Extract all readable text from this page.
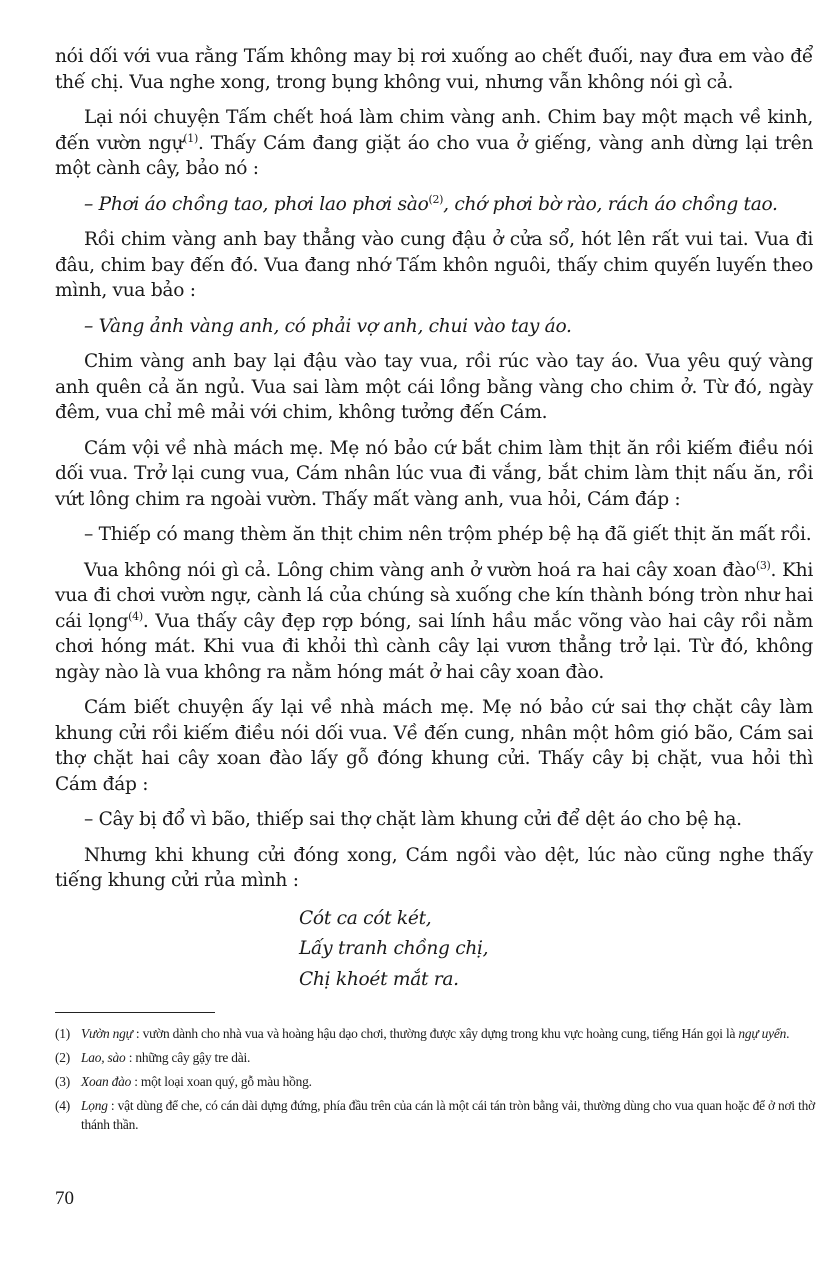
nói dối với vua rằng Tấm không may bị rơi xuống ao chết đuối, nay đưa em vào để thế chị. Vua nghe xong, trong bụng không vui, nhưng vẫn không nói gì cả.

Lại nói chuyện Tấm chết hoá làm chim vàng anh. Chim bay một mạch về kinh, đến vườn ngự$^{(1)}$. Thấy Cám đang giặt áo cho vua ở giếng, vàng anh dừng lại trên một cành cây, bảo nó :

– Phơi áo chồng tao, phơi lao phơi sào$^{(2)}$, chớ phơi bờ rào, rách áo chồng tao.

Rồi chim vàng anh bay thẳng vào cung đậu ở cửa sổ, hót lên rất vui tai. Vua đi đâu, chim bay đến đó. Vua đang nhớ Tấm khôn nguôi, thấy chim quyến luyến theo mình, vua bảo :

– Vàng ảnh vàng anh, có phải vợ anh, chui vào tay áo.

Chim vàng anh bay lại đậu vào tay vua, rồi rúc vào tay áo. Vua yêu quý vàng anh quên cả ăn ngủ. Vua sai làm một cái lồng bằng vàng cho chim ở. Từ đó, ngày đêm, vua chỉ mê mải với chim, không tưởng đến Cám.

Cám vội về nhà mách mẹ. Mẹ nó bảo cứ bắt chim làm thịt ăn rồi kiếm điều nói dối vua. Trở lại cung vua, Cám nhân lúc vua đi vắng, bắt chim làm thịt nấu ăn, rồi vứt lông chim ra ngoài vườn. Thấy mất vàng anh, vua hỏi, Cám đáp :

– Thiếp có mang thèm ăn thịt chim nên trộm phép bệ hạ đã giết thịt ăn mất rồi.

Vua không nói gì cả. Lông chim vàng anh ở vườn hoá ra hai cây xoan đào$^{(3)}$. Khi vua đi chơi vườn ngự, cành lá của chúng sà xuống che kín thành bóng tròn như hai cái lọng$^{(4)}$. Vua thấy cây đẹp rợp bóng, sai lính hầu mắc võng vào hai cây rồi nằm chơi hóng mát. Khi vua đi khỏi thì cành cây lại vươn thẳng trở lại. Từ đó, không ngày nào là vua không ra nằm hóng mát ở hai cây xoan đào.

Cám biết chuyện ấy lại về nhà mách mẹ. Mẹ nó bảo cứ sai thợ chặt cây làm khung cửi rồi kiếm điều nói dối vua. Về đến cung, nhân một hôm gió bão, Cám sai thợ chặt hai cây xoan đào lấy gỗ đóng khung cửi. Thấy cây bị chặt, vua hỏi thì Cám đáp :

– Cây bị đổ vì bão, thiếp sai thợ chặt làm khung cửi để dệt áo cho bệ hạ.

Nhưng khi khung cửi đóng xong, Cám ngồi vào dệt, lúc nào cũng nghe thấy tiếng khung cửi rủa mình :

Cót ca cót két,
Lấy tranh chồng chị,
Chị khoét mắt ra.
(1) Vườn ngự : vườn dành cho nhà vua và hoàng hậu dạo chơi, thường được xây dựng trong khu vực hoàng cung, tiếng Hán gọi là ngự uyển.
(2) Lao, sào : những cây gậy tre dài.
(3) Xoan đào : một loại xoan quý, gỗ màu hồng.
(4) Lọng : vật dùng để che, có cán dài dựng đứng, phía đầu trên của cán là một cái tán tròn bằng vải, thường dùng cho vua quan hoặc để ở nơi thờ thánh thần.
70
